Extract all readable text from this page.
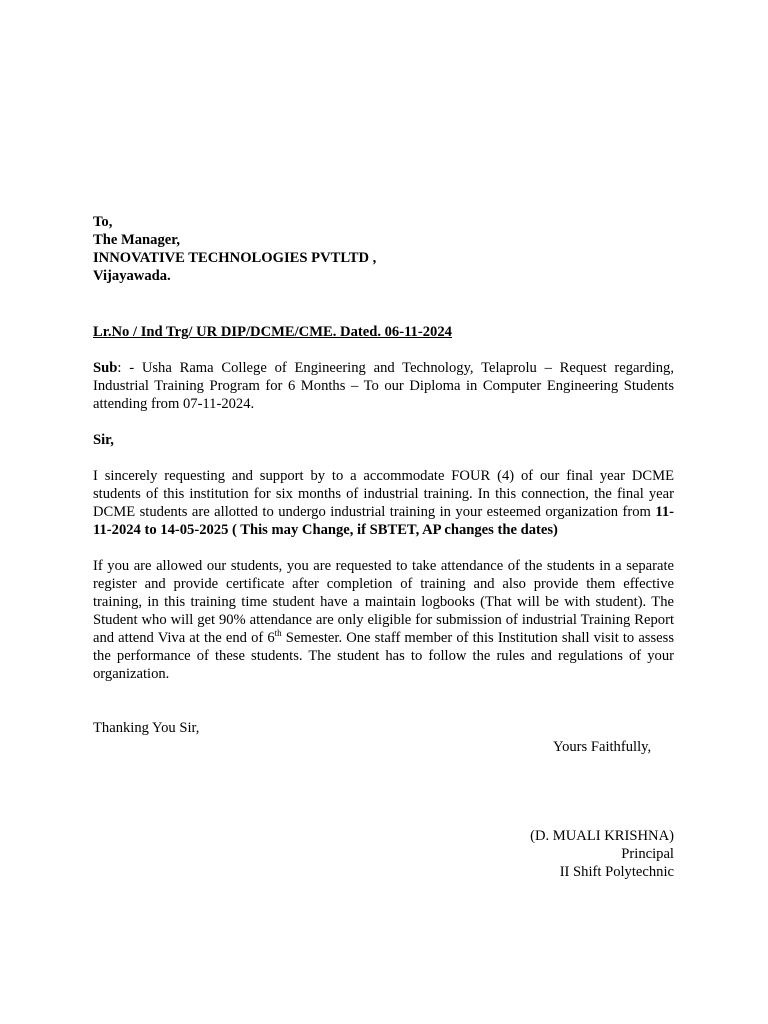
To,
The Manager,
INNOVATIVE TECHNOLOGIES PVTLTD ,
Vijayawada.
Lr.No / Ind Trg/ UR DIP/DCME/CME. Dated. 06-11-2024
Sub: - Usha Rama College of Engineering and Technology, Telaprolu – Request regarding, Industrial Training Program for 6 Months – To our Diploma in Computer Engineering Students attending from 07-11-2024.
Sir,
I sincerely requesting and support by to a accommodate FOUR (4) of our final year DCME students of this institution for six months of industrial training. In this connection, the final year DCME students are allotted to undergo industrial training in your esteemed organization from 11-11-2024 to 14-05-2025 ( This may Change, if SBTET, AP changes the dates)
If you are allowed our students, you are requested to take attendance of the students in a separate register and provide certificate after completion of training and also provide them effective training, in this training time student have a maintain logbooks (That will be with student). The Student who will get 90% attendance are only eligible for submission of industrial Training Report and attend Viva at the end of 6th Semester. One staff member of this Institution shall visit to assess the performance of these students. The student has to follow the rules and regulations of your organization.
Thanking You Sir,
Yours Faithfully,
(D. MUALI KRISHNA)
Principal
II Shift Polytechnic
